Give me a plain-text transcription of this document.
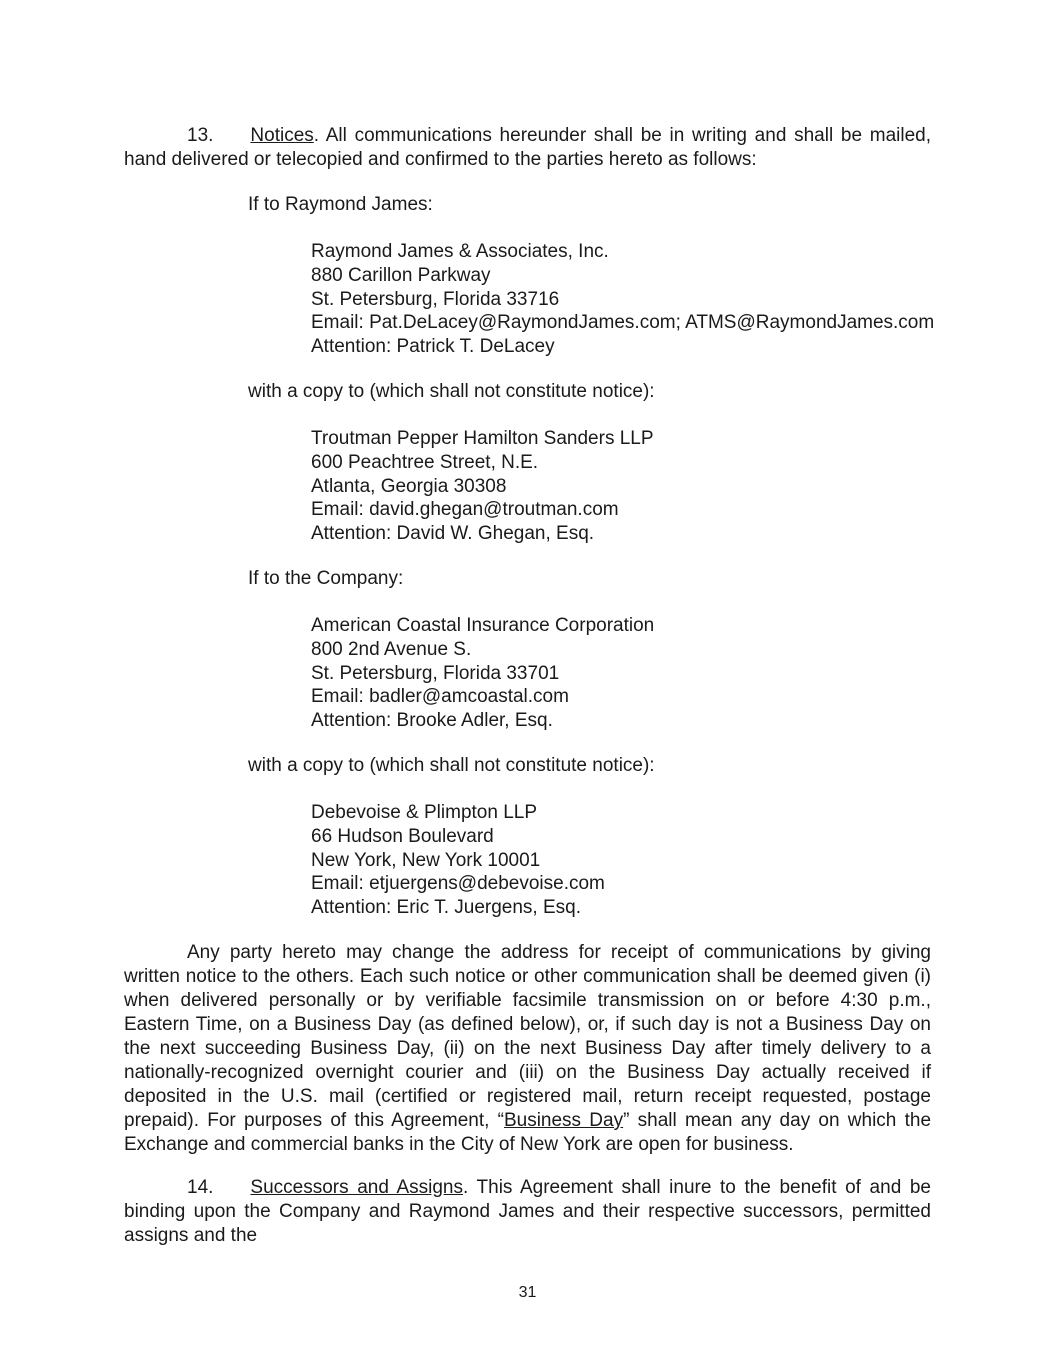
13. Notices. All communications hereunder shall be in writing and shall be mailed, hand delivered or telecopied and confirmed to the parties hereto as follows:

If to Raymond James:

Raymond James & Associates, Inc.
880 Carillon Parkway
St. Petersburg, Florida 33716
Email: Pat.DeLacey@RaymondJames.com; ATMS@RaymondJames.com
Attention: Patrick T. DeLacey

with a copy to (which shall not constitute notice):

Troutman Pepper Hamilton Sanders LLP
600 Peachtree Street, N.E.
Atlanta, Georgia 30308
Email: david.ghegan@troutman.com
Attention: David W. Ghegan, Esq.

If to the Company:

American Coastal Insurance Corporation
800 2nd Avenue S.
St. Petersburg, Florida 33701
Email: badler@amcoastal.com
Attention: Brooke Adler, Esq.

with a copy to (which shall not constitute notice):

Debevoise & Plimpton LLP
66 Hudson Boulevard
New York, New York 10001
Email: etjuergens@debevoise.com
Attention: Eric T. Juergens, Esq.

Any party hereto may change the address for receipt of communications by giving written notice to the others. Each such notice or other communication shall be deemed given (i) when delivered personally or by verifiable facsimile transmission on or before 4:30 p.m., Eastern Time, on a Business Day (as defined below), or, if such day is not a Business Day on the next succeeding Business Day, (ii) on the next Business Day after timely delivery to a nationally-recognized overnight courier and (iii) on the Business Day actually received if deposited in the U.S. mail (certified or registered mail, return receipt requested, postage prepaid). For purposes of this Agreement, “Business Day” shall mean any day on which the Exchange and commercial banks in the City of New York are open for business.

14. Successors and Assigns. This Agreement shall inure to the benefit of and be binding upon the Company and Raymond James and their respective successors, permitted assigns and the

31
